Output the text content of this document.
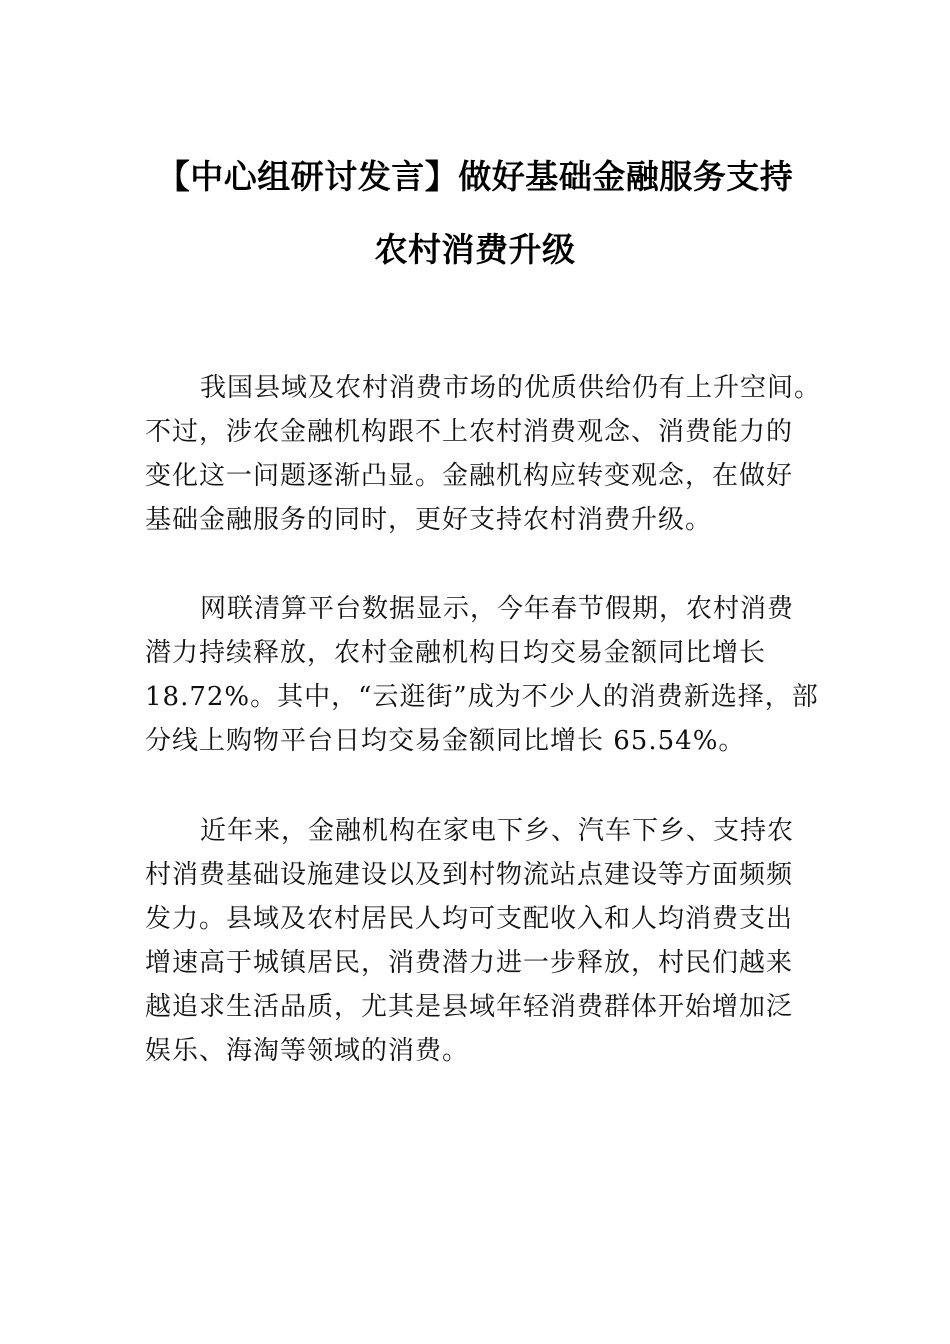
【中心组研讨发言】做好基础金融服务支持
农村消费升级
我国县域及农村消费市场的优质供给仍有上升空间。
不过，涉农金融机构跟不上农村消费观念、消费能力的
变化这一问题逐渐凸显。金融机构应转变观念，在做好
基础金融服务的同时，更好支持农村消费升级。
网联清算平台数据显示，今年春节假期，农村消费
潜力持续释放，农村金融机构日均交易金额同比增长
18.72%。其中，“云逛街”成为不少人的消费新选择，部
分线上购物平台日均交易金额同比增长 65.54%。
近年来，金融机构在家电下乡、汽车下乡、支持农
村消费基础设施建设以及到村物流站点建设等方面频频
发力。县域及农村居民人均可支配收入和人均消费支出
增速高于城镇居民，消费潜力进一步释放，村民们越来
越追求生活品质，尤其是县域年轻消费群体开始增加泛
娱乐、海淘等领域的消费。
